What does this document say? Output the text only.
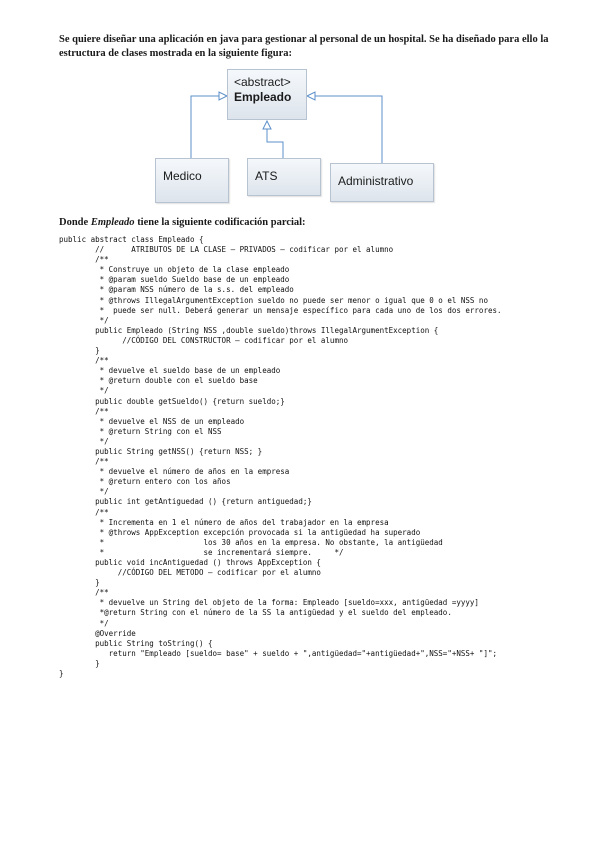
Se quiere diseñar una aplicación en java para gestionar al personal de un hospital. Se ha diseñado para ello la estructura de clases mostrada en la siguiente figura:

<abstract>
Empleado
Medico	ATS	Administrativo

Donde Empleado tiene la siguiente codificación parcial:

public abstract class Empleado {
//      ATRIBUTOS DE LA CLASE – PRIVADOS – codificar por el alumno
/**
* Construye un objeto de la clase empleado
* @param sueldo Sueldo base de un empleado
* @param NSS número de la s.s. del empleado
* @throws IllegalArgumentException sueldo no puede ser menor o igual que 0 o el NSS no
*  puede ser null. Deberá generar un mensaje específico para cada uno de los dos errores.
*/
public Empleado (String NSS ,double sueldo)throws IllegalArgumentException {
//CÓDIGO DEL CONSTRUCTOR – codificar por el alumno
}
/**
* devuelve el sueldo base de un empleado
* @return double con el sueldo base
*/
public double getSueldo() {return sueldo;}
/**
* devuelve el NSS de un empleado
* @return String con el NSS
*/
public String getNSS() {return NSS; }
/**
* devuelve el número de años en la empresa
* @return entero con los años
*/
public int getAntiguedad () {return antiguedad;}
/**
* Incrementa en 1 el número de años del trabajador en la empresa
* @throws AppException excepción provocada si la antigüedad ha superado
*                      los 30 años en la empresa. No obstante, la antigüedad
*                      se incrementará siempre.     */
public void incAntiguedad () throws AppException {
//CÓDIGO DEL METODO – codificar por el alumno
}
/**
* devuelve un String del objeto de la forma: Empleado [sueldo=xxx, antigüedad =yyyy]
*@return String con el número de la SS la antigüedad y el sueldo del empleado.
*/
@Override
public String toString() {
return "Empleado [sueldo= base" + sueldo + ",antigüedad="+antigüedad+",NSS="+NSS+ "]";
}
}
